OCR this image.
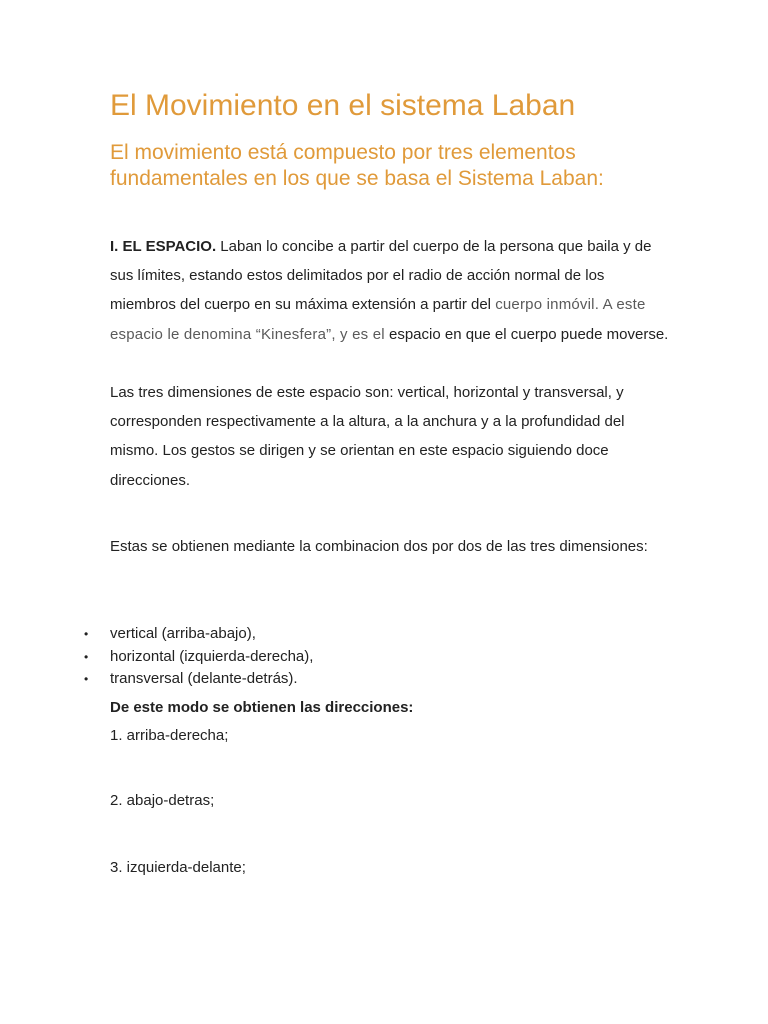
El Movimiento en el sistema Laban
El movimiento está compuesto por tres elementos fundamentales en los que se basa el Sistema Laban:

I. EL ESPACIO. Laban lo concibe a partir del cuerpo de la persona que baila y de sus límites, estando estos delimitados por el radio de acción normal de los miembros del cuerpo en su máxima extensión a partir del cuerpo inmóvil. A este espacio le denomina “Kinesfera”, y es el espacio en que el cuerpo puede moverse.

Las tres dimensiones de este espacio son: vertical, horizontal y transversal, y corresponden respectivamente a la altura, a la anchura y a la profundidad del mismo. Los gestos se dirigen y se orientan en este espacio siguiendo doce direcciones.

Estas se obtienen mediante la combinacion dos por dos de las tres dimensiones:

• vertical (arriba-abajo),
• horizontal (izquierda-derecha),
• transversal (delante-detrás).

De este modo se obtienen las direcciones:

1. arriba-derecha;

2. abajo-detras;

3. izquierda-delante;
